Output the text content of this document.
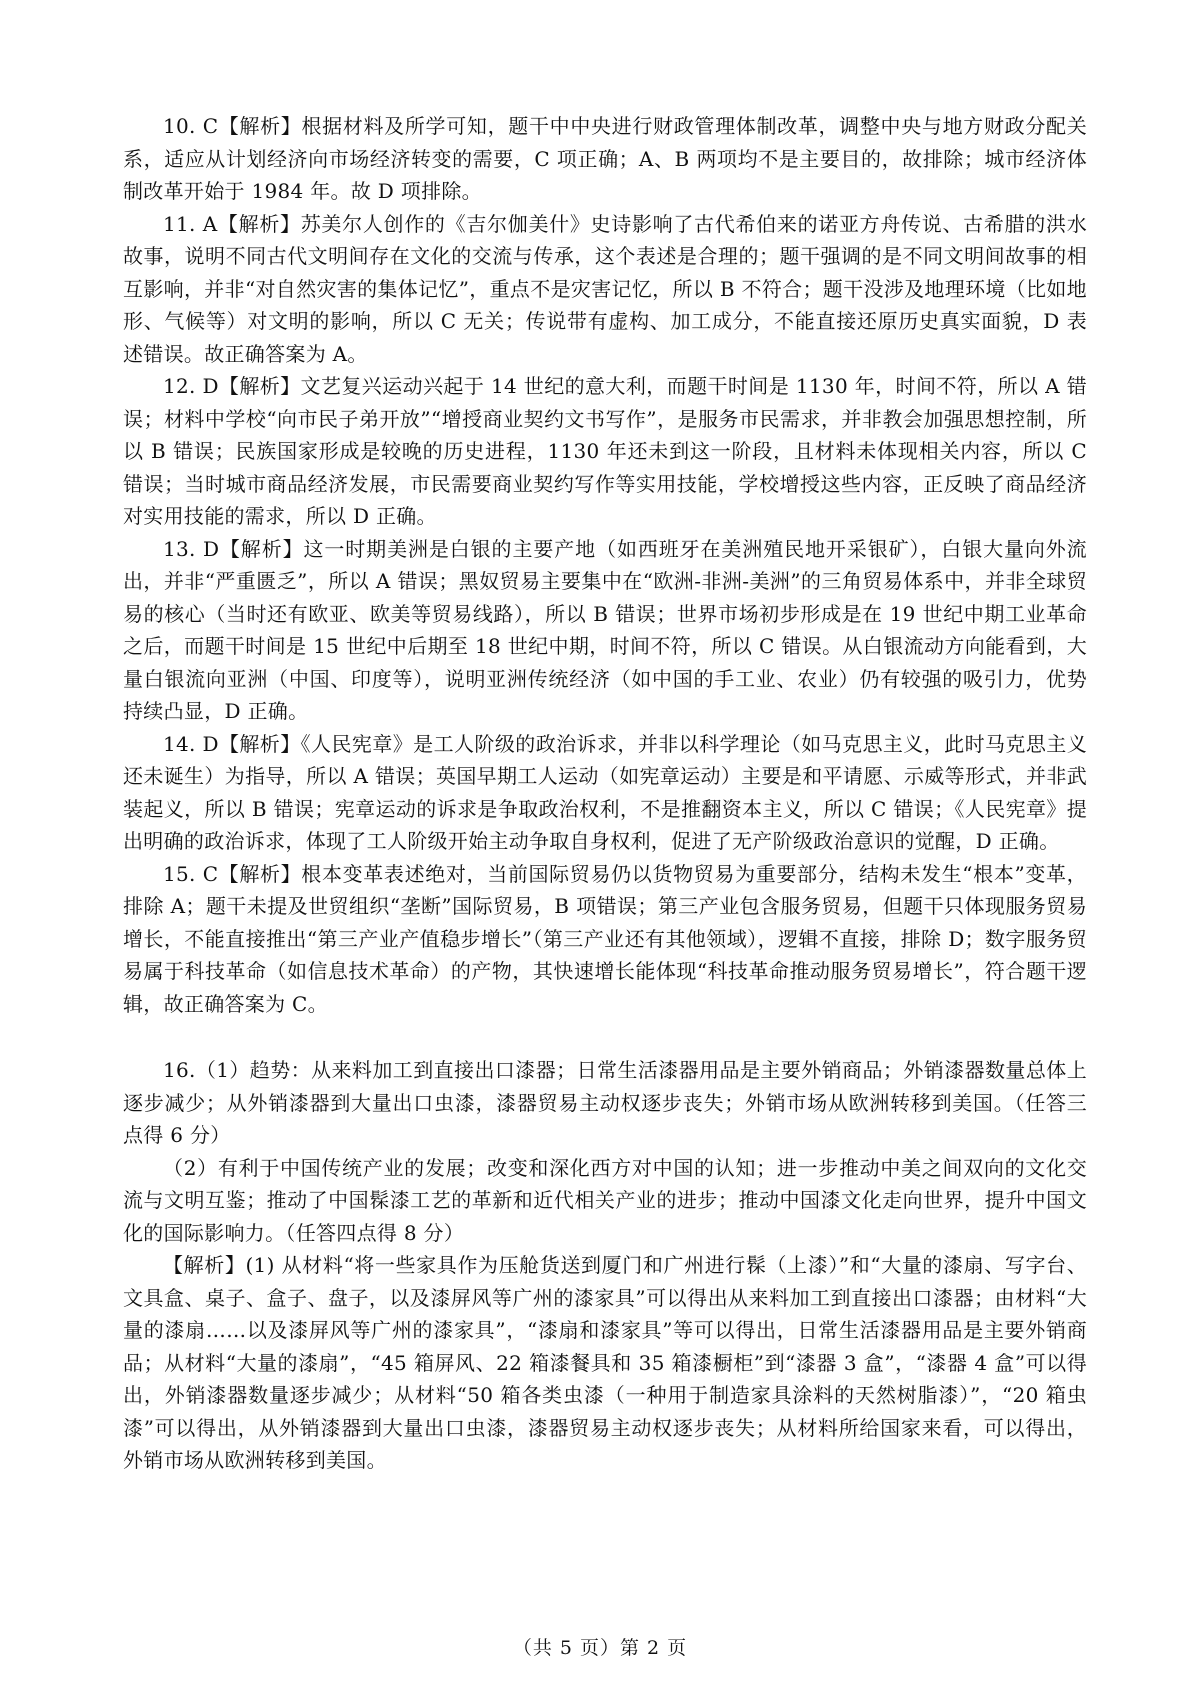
10. C【解析】根据材料及所学可知，题干中中央进行财政管理体制改革，调整中央与地方财政分配关系，适应从计划经济向市场经济转变的需要，C 项正确；A、B 两项均不是主要目的，故排除；城市经济体制改革开始于 1984 年。故 D 项排除。

11. A【解析】苏美尔人创作的《吉尔伽美什》史诗影响了古代希伯来的诺亚方舟传说、古希腊的洪水故事，说明不同古代文明间存在文化的交流与传承，这个表述是合理的；题干强调的是不同文明间故事的相互影响，并非“对自然灾害的集体记忆”，重点不是灾害记忆，所以 B 不符合；题干没涉及地理环境（比如地形、气候等）对文明的影响，所以 C 无关；传说带有虚构、加工成分，不能直接还原历史真实面貌，D 表述错误。故正确答案为 A。

12. D【解析】文艺复兴运动兴起于 14 世纪的意大利，而题干时间是 1130 年，时间不符，所以 A 错误；材料中学校“向市民子弟开放”“增授商业契约文书写作”，是服务市民需求，并非教会加强思想控制，所以 B 错误；民族国家形成是较晚的历史进程，1130 年还未到这一阶段，且材料未体现相关内容，所以 C 错误；当时城市商品经济发展，市民需要商业契约写作等实用技能，学校增授这些内容，正反映了商品经济对实用技能的需求，所以 D 正确。

13. D【解析】这一时期美洲是白银的主要产地（如西班牙在美洲殖民地开采银矿），白银大量向外流出，并非“严重匮乏”，所以 A 错误；黑奴贸易主要集中在“欧洲-非洲-美洲”的三角贸易体系中，并非全球贸易的核心（当时还有欧亚、欧美等贸易线路），所以 B 错误；世界市场初步形成是在 19 世纪中期工业革命之后，而题干时间是 15 世纪中后期至 18 世纪中期，时间不符，所以 C 错误。从白银流动方向能看到，大量白银流向亚洲（中国、印度等），说明亚洲传统经济（如中国的手工业、农业）仍有较强的吸引力，优势持续凸显，D 正确。

14. D【解析】《人民宪章》是工人阶级的政治诉求，并非以科学理论（如马克思主义，此时马克思主义还未诞生）为指导，所以 A 错误；英国早期工人运动（如宪章运动）主要是和平请愿、示威等形式，并非武装起义，所以 B 错误；宪章运动的诉求是争取政治权利，不是推翻资本主义，所以 C 错误；《人民宪章》提出明确的政治诉求，体现了工人阶级开始主动争取自身权利，促进了无产阶级政治意识的觉醒，D 正确。

15. C【解析】根本变革表述绝对，当前国际贸易仍以货物贸易为重要部分，结构未发生“根本”变革，排除 A；题干未提及世贸组织“垄断”国际贸易，B 项错误；第三产业包含服务贸易，但题干只体现服务贸易增长，不能直接推出“第三产业产值稳步增长”（第三产业还有其他领域），逻辑不直接，排除 D；数字服务贸易属于科技革命（如信息技术革命）的产物，其快速增长能体现“科技革命推动服务贸易增长”，符合题干逻辑，故正确答案为 C。

16.（1）趋势：从来料加工到直接出口漆器；日常生活漆器用品是主要外销商品；外销漆器数量总体上逐步减少；从外销漆器到大量出口虫漆，漆器贸易主动权逐步丧失；外销市场从欧洲转移到美国。（任答三点得 6 分）

（2）有利于中国传统产业的发展；改变和深化西方对中国的认知；进一步推动中美之间双向的文化交流与文明互鉴；推动了中国髹漆工艺的革新和近代相关产业的进步；推动中国漆文化走向世界，提升中国文化的国际影响力。（任答四点得 8 分）

【解析】(1) 从材料“将一些家具作为压舱货送到厦门和广州进行髹（上漆）”和“大量的漆扇、写字台、文具盒、桌子、盒子、盘子，以及漆屏风等广州的漆家具”可以得出从来料加工到直接出口漆器；由材料“大量的漆扇……以及漆屏风等广州的漆家具”，“漆扇和漆家具”等可以得出，日常生活漆器用品是主要外销商品；从材料“大量的漆扇”，“45 箱屏风、22 箱漆餐具和 35 箱漆橱柜”到“漆器 3 盒”，“漆器 4 盒”可以得出，外销漆器数量逐步减少；从材料“50 箱各类虫漆（一种用于制造家具涂料的天然树脂漆）”，“20 箱虫漆”可以得出，从外销漆器到大量出口虫漆，漆器贸易主动权逐步丧失；从材料所给国家来看，可以得出，外销市场从欧洲转移到美国。

（共 5 页）第 2 页
